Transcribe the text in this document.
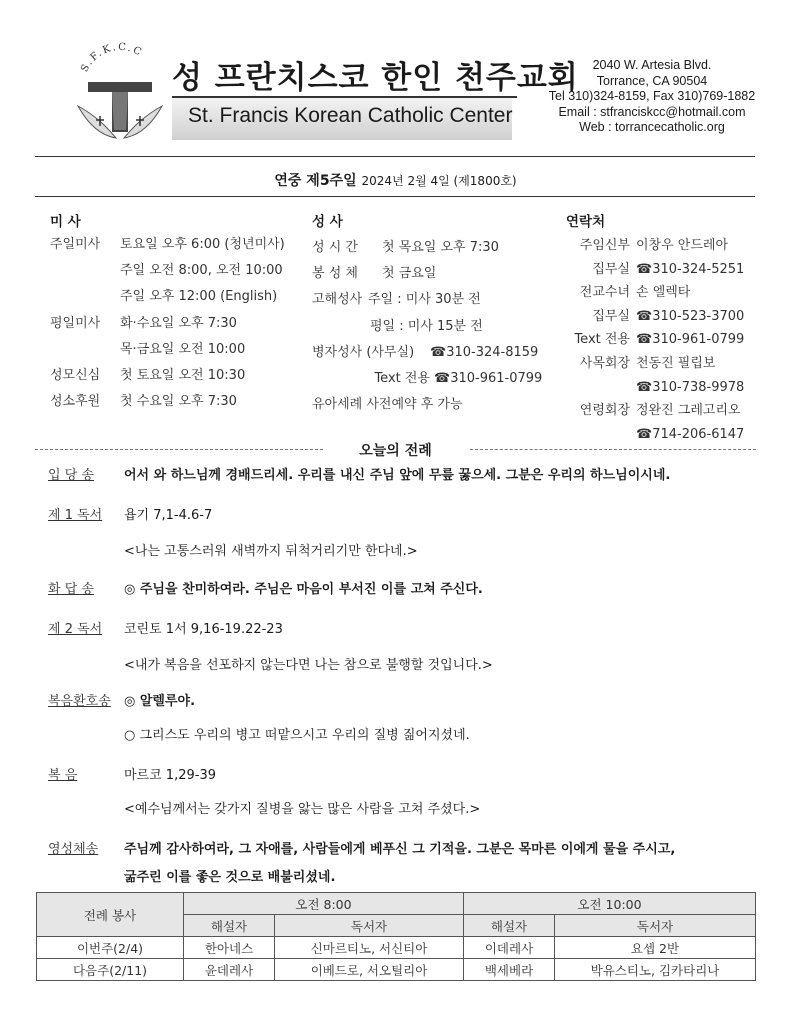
S.F.K.C.C
성 프란치스코 한인 천주교회
St. Francis Korean Catholic Center
2040 W. Artesia Blvd.
Torrance, CA 90504
Tel 310)324-8159, Fax 310)769-1882
Email : stfranciskcc@hotmail.com
Web : torrancecatholic.org
연중 제5주일 2024년 2월 4일 (제1800호)
미 사
주일미사	토요일 오후 6:00 (청년미사)
주일 오전 8:00, 오전 10:00
주일 오후 12:00 (English)
평일미사	화·수요일 오후 7:30
목·금요일 오전 10:00
성모신심	첫 토요일 오전 10:30
성소후원	첫 수요일 오후 7:30
성 사
성 시 간	첫 목요일 오후 7:30
봉 성 체	첫 금요일
고해성사 주일 : 미사 30분 전
평일 : 미사 15분 전
병자성사 (사무실)	☎310-324-8159
Text 전용 ☎310-961-0799
유아세례 사전예약 후 가능
연락처
주임신부 이창우 안드레아
집무실 ☎310-324-5251
전교수녀 손 엘렉타
집무실 ☎310-523-3700
Text 전용 ☎310-961-0799
사목회장 천동진 필립보
☎310-738-9978
연령회장 정완진 그레고리오
☎714-206-6147
오늘의 전례
입 당 송 어서 와 하느님께 경배드리세. 우리를 내신 주님 앞에 무릎 꿇으세. 그분은 우리의 하느님이시네.
제 1 독서 욥기 7,1-4.6-7
<나는 고통스러워 새벽까지 뒤척거리기만 한다네.>
화 답 송 ◎ 주님을 찬미하여라. 주님은 마음이 부서진 이를 고쳐 주신다.
제 2 독서 코린토 1서 9,16-19.22-23
<내가 복음을 선포하지 않는다면 나는 참으로 불행할 것입니다.>
복음환호송 ◎ 알렐루야.
○ 그리스도 우리의 병고 떠맡으시고 우리의 질병 짊어지셨네.
복 음	마르코 1,29-39
<예수님께서는 갖가지 질병을 앓는 많은 사람을 고쳐 주셨다.>
영성체송 주님께 감사하여라, 그 자애를, 사람들에게 베푸신 그 기적을. 그분은 목마른 이에게 물을 주시고,
굶주린 이를 좋은 것으로 배불리셨네.
전례 봉사	오전 8:00		오전 10:00	
	해설자	독서자	해설자	독서자
이번주(2/4)	한아네스	신마르티노, 서신티아	이데레사	요셉 2반
다음주(2/11)	윤데레사	이베드로, 서오틸리아	백세베라	박유스티노, 김카타리나
